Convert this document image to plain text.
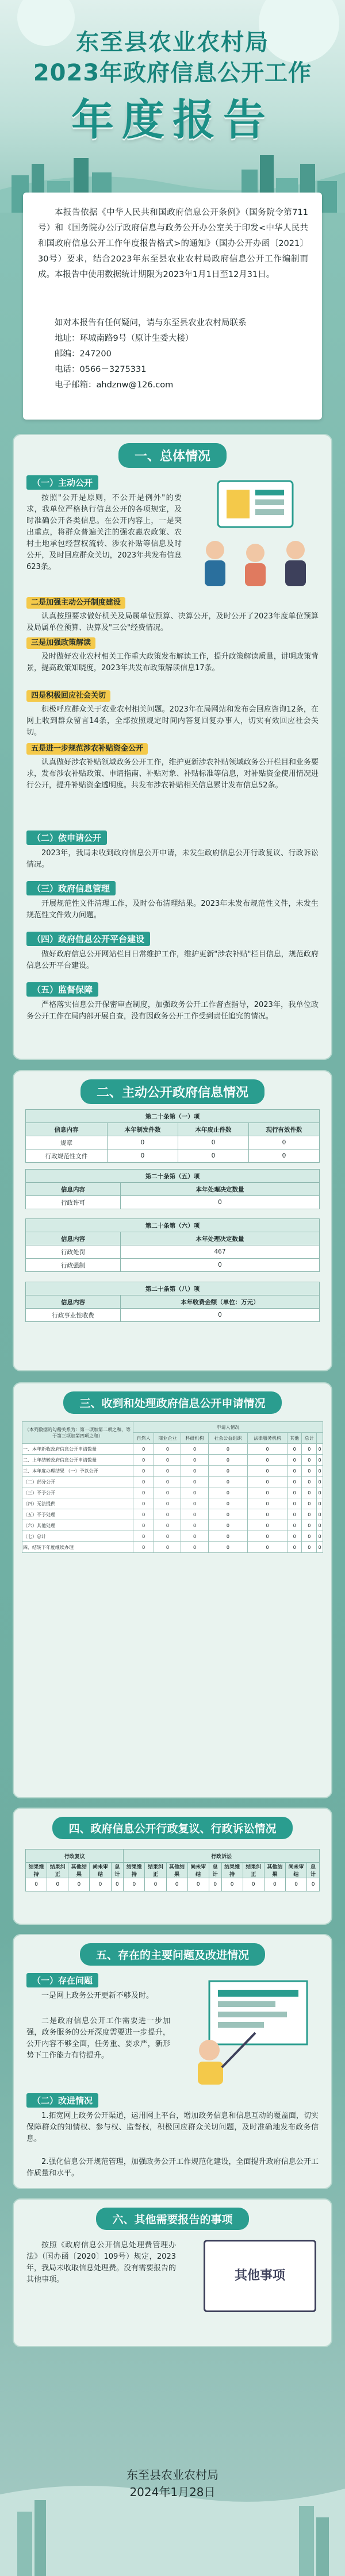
东至县农业农村局
2023年政府信息公开工作
年度报告

本报告依据《中华人民共和国政府信息公开条例》（国务院令第711号）和《国务院办公厅政府信息与政务公开办公室关于印发<中华人民共和国政府信息公开工作年度报告格式>的通知》（国办公开办函〔2021〕30号）要求，结合2023年东至县农业农村局政府信息公开工作编制而成。本报告中使用数据统计期限为2023年1月1日至12月31日。

如对本报告有任何疑问，请与东至县农业农村局联系
地址：环城南路9号（原计生委大楼）
邮编：247200
电话：0566－3275331
电子邮箱：ahdznw@126.com
一、总体情况
（一）主动公开
按照"公开是原则，不公开是例外"的要求，我单位严格执行信息公开的各项规定，及时准确公开各类信息。在公开内容上，一是突出重点，将群众普遍关注的强农惠农政策、农村土地承包经营权流转、涉农补贴等信息及时公开，及时回应群众关切，2023年共发布信息623条。
二是加强主动公开制度建设
认真按照要求做好机关及局属单位预算、决算公开，及时公开了2023年度单位预算及局属单位预算、决算及"三公"经费情况。
三是加强政策解读
及时做好农业农村相关工作重大政策发布解读工作，提升政策解读质量，讲明政策背景，提高政策知晓度，2023年共发布政策解读信息17条。
四是积极回应社会关切
积极呼应群众关于农业农村相关问题。2023年在局网站和发布会回应咨询12条，在网上收到群众留言14条，全部按照规定时间内答复回复办事人，切实有效回应社会关切。
五是进一步规范涉农补贴资金公开
认真做好涉农补贴领域政务公开工作，维护更新涉农补贴领域政务公开栏目和业务要求，发布涉农补贴政策、申请指南、补贴对象、补贴标准等信息，对补贴资金使用情况进行公开，提升补贴资金透明度。共发布涉农补贴相关信息累计发布信息52条。
（二）依申请公开
2023年，我局未收到政府信息公开申请，未发生政府信息公开行政复议、行政诉讼情况。
（三）政府信息管理
开展规范性文件清理工作，及时公布清理结果。2023年未发布规范性文件，未发生规范性文件效力问题。
（四）政府信息公开平台建设
做好政府信息公开网站栏目日常维护工作，维护更新"涉农补贴"栏目信息，规范政府信息公开平台建设。
（五）监督保障
严格落实信息公开保密审查制度，加强政务公开工作督查指导，2023年，我单位政务公开工作在局内部开展自查，没有因政务公开工作受到责任追究的情况。
二、主动公开政府信息情况
第二十条第（一）项			
信息内容	本年制发件数	本年废止件数	现行有效件数
规章	0	0	0
行政规范性文件	0	0	0
第二十条第（五）项	
信息内容	本年处理决定数量
行政许可	0
第二十条第（六）项	
信息内容	本年处理决定数量
行政处罚	467
行政强制	0
第二十条第（八）项	
信息内容	本年收费金额（单位：万元）
行政事业性收费	0
三、收到和处理政府信息公开申请情况
（本列数据的勾稽关系为：第一项加第二项之和，等于第三项加第四项之和）	申请人情况							
	自然人	商业企业	科研机构	社会公益组织	法律服务机构	其他	总计	
一、本年新收政府信息公开申请数量	0	0	0	0	0	0	0	0
二、上年结转政府信息公开申请数量	0	0	0	0	0	0	0	0
三、本年度办理结果 （一）予以公开	0	0	0	0	0	0	0	0
（二）部分公开	0	0	0	0	0	0	0	0
（三）不予公开	0	0	0	0	0	0	0	0
（四）无法提供	0	0	0	0	0	0	0	0
（五）不予处理	0	0	0	0	0	0	0	0
（六）其他处理	0	0	0	0	0	0	0	0
（七）总计	0	0	0	0	0	0	0	0
四、结转下年度继续办理	0	0	0	0	0	0	0	0
四、政府信息公开行政复议、行政诉讼情况
行政复议					行政诉讼									
结果维持	结果纠正	其他结果	尚未审结	总计	结果维持	结果纠正	其他结果	尚未审结	总计	结果维持	结果纠正	其他结果	尚未审结	总计
0	0	0	0	0	0	0	0	0	0	0	0	0	0	0
五、存在的主要问题及改进情况
（一）存在问题
一是网上政务公开更新不够及时。
二是政府信息公开工作需要进一步加强，政务服务的公开深度需要进一步提升，公开内容不够全面，任务重、要求严，新形势下工作能力有待提升。
（二）改进情况
1.拓宽网上政务公开渠道，运用网上平台，增加政务信息和信息互动的覆盖面，切实保障群众的知情权、参与权、监督权，积极回应群众关切问题，及时准确地发布政务信息。
2.强化信息公开规范管理，加强政务公开工作规范化建设，全面提升政府信息公开工作质量和水平。
六、其他需要报告的事项
按照《政府信息公开信息处理费管理办法》（国办函〔2020〕109号）规定，2023年，我局未收取信息处理费。没有需要报告的其他事项。	其他事项
东至县农业农村局
2024年1月28日
